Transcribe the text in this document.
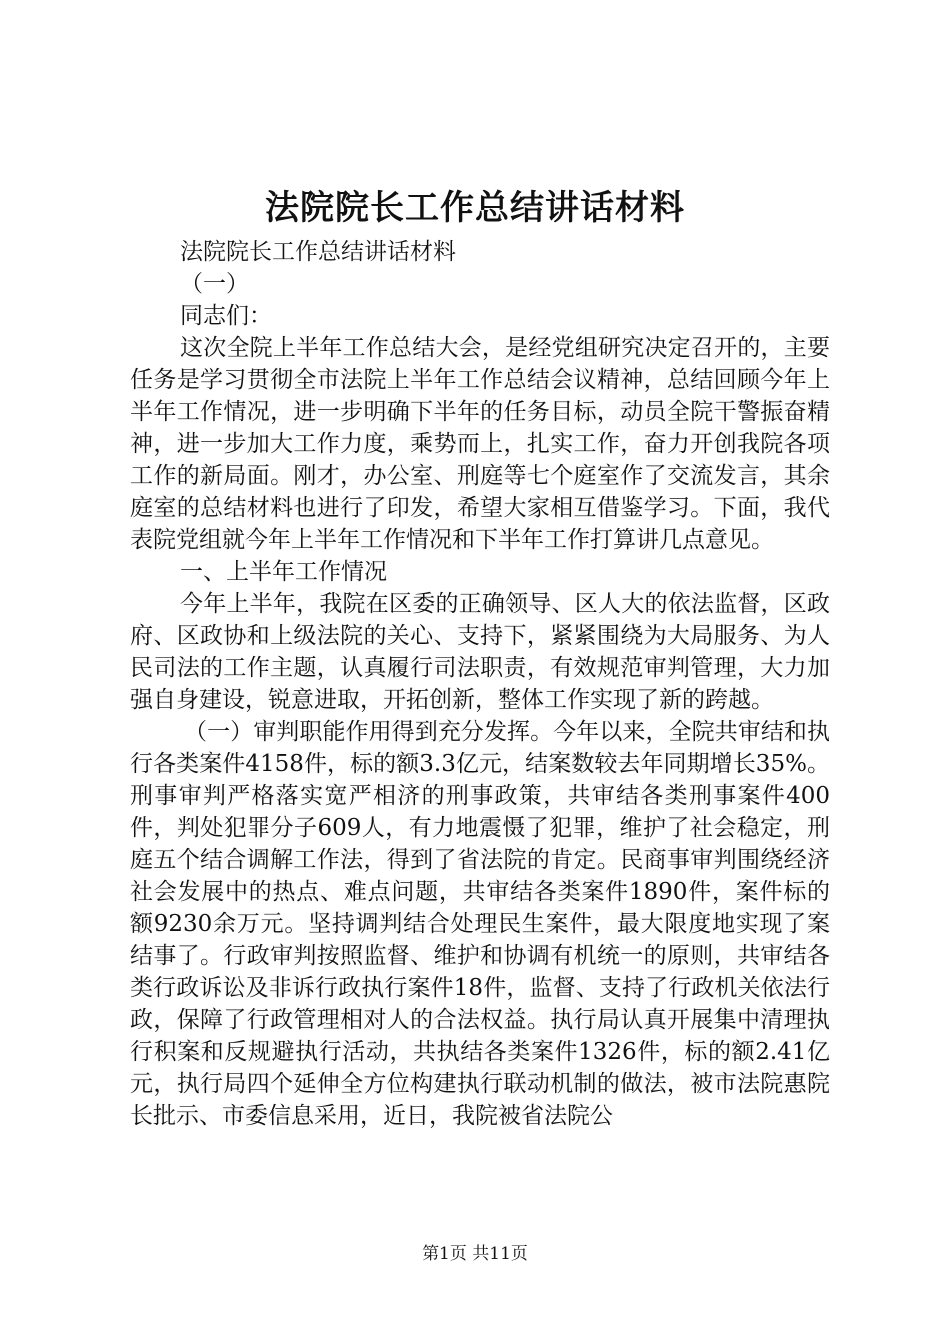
法院院长工作总结讲话材料

法院院长工作总结讲话材料

（一）

同志们：

这次全院上半年工作总结大会，是经党组研究决定召开的，主要任务是学习贯彻全市法院上半年工作总结会议精神，总结回顾今年上半年工作情况，进一步明确下半年的任务目标，动员全院干警振奋精神，进一步加大工作力度，乘势而上，扎实工作，奋力开创我院各项工作的新局面。刚才，办公室、刑庭等七个庭室作了交流发言，其余庭室的总结材料也进行了印发，希望大家相互借鉴学习。下面，我代表院党组就今年上半年工作情况和下半年工作打算讲几点意见。

一、上半年工作情况

今年上半年，我院在区委的正确领导、区人大的依法监督，区政府、区政协和上级法院的关心、支持下，紧紧围绕为大局服务、为人民司法的工作主题，认真履行司法职责，有效规范审判管理，大力加强自身建设，锐意进取，开拓创新，整体工作实现了新的跨越。

（一）审判职能作用得到充分发挥。今年以来，全院共审结和执行各类案件4158件，标的额3.3亿元，结案数较去年同期增长35%。刑事审判严格落实宽严相济的刑事政策，共审结各类刑事案件400件，判处犯罪分子609人，有力地震慑了犯罪，维护了社会稳定，刑庭五个结合调解工作法，得到了省法院的肯定。民商事审判围绕经济社会发展中的热点、难点问题，共审结各类案件1890件，案件标的额9230余万元。坚持调判结合处理民生案件，最大限度地实现了案结事了。行政审判按照监督、维护和协调有机统一的原则，共审结各类行政诉讼及非诉行政执行案件18件，监督、支持了行政机关依法行政，保障了行政管理相对人的合法权益。执行局认真开展集中清理执行积案和反规避执行活动，共执结各类案件1326件，标的额2.41亿元，执行局四个延伸全方位构建执行联动机制的做法，被市法院惠院长批示、市委信息采用，近日，我院被省法院公

第1页 共11页
